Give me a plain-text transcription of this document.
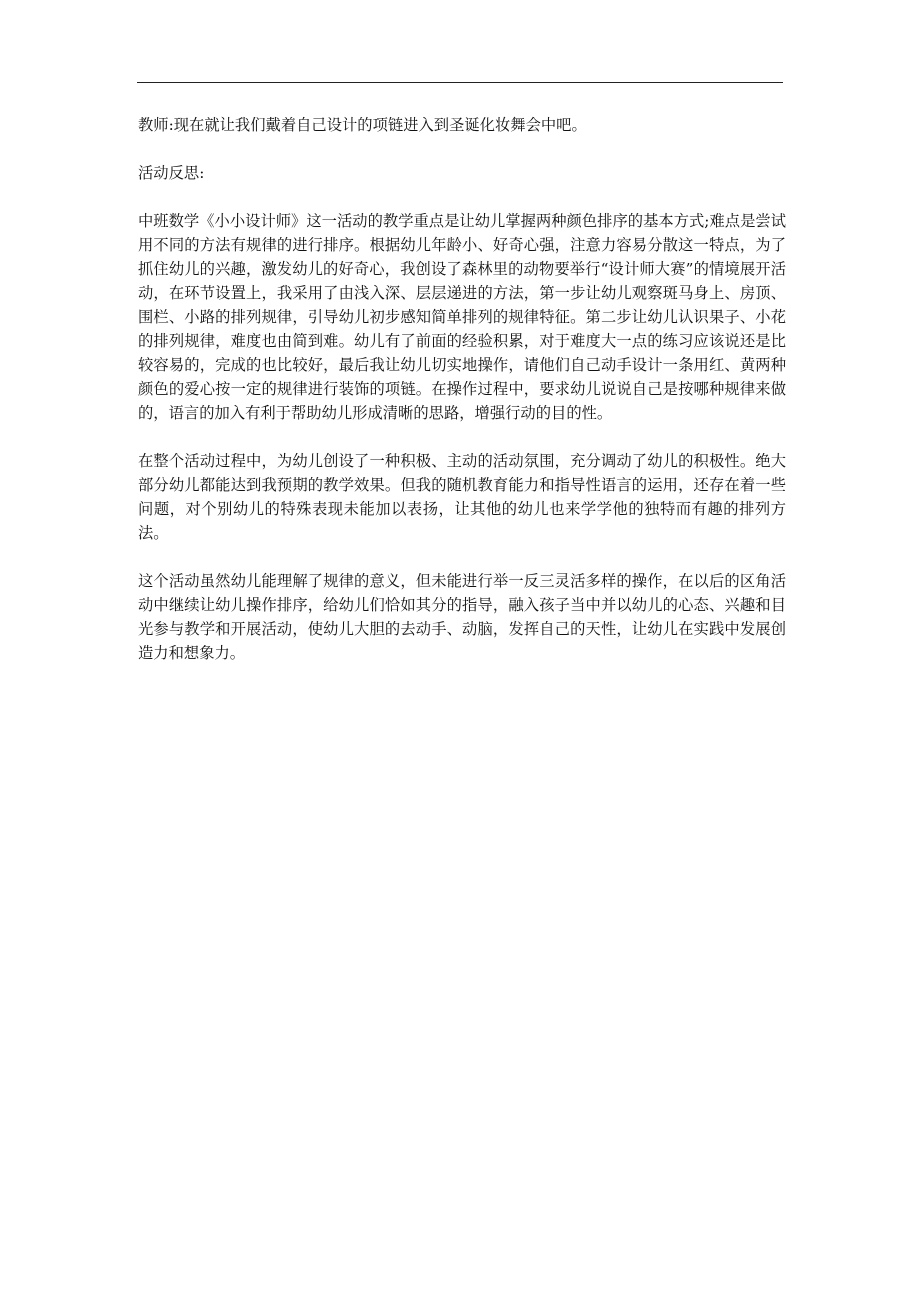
教师:现在就让我们戴着自己设计的项链进入到圣诞化妆舞会中吧。

活动反思:

中班数学《小小设计师》这一活动的教学重点是让幼儿掌握两种颜色排序的基本方式;难点是尝试用不同的方法有规律的进行排序。根据幼儿年龄小、好奇心强，注意力容易分散这一特点，为了抓住幼儿的兴趣，激发幼儿的好奇心，我创设了森林里的动物要举行“设计师大赛”的情境展开活动，在环节设置上，我采用了由浅入深、层层递进的方法，第一步让幼儿观察斑马身上、房顶、围栏、小路的排列规律，引导幼儿初步感知简单排列的规律特征。第二步让幼儿认识果子、小花的排列规律，难度也由简到难。幼儿有了前面的经验积累，对于难度大一点的练习应该说还是比较容易的，完成的也比较好，最后我让幼儿切实地操作，请他们自己动手设计一条用红、黄两种颜色的爱心按一定的规律进行装饰的项链。在操作过程中，要求幼儿说说自己是按哪种规律来做的，语言的加入有利于帮助幼儿形成清晰的思路，增强行动的目的性。

在整个活动过程中，为幼儿创设了一种积极、主动的活动氛围，充分调动了幼儿的积极性。绝大部分幼儿都能达到我预期的教学效果。但我的随机教育能力和指导性语言的运用，还存在着一些问题，对个别幼儿的特殊表现未能加以表扬，让其他的幼儿也来学学他的独特而有趣的排列方法。

这个活动虽然幼儿能理解了规律的意义，但未能进行举一反三灵活多样的操作，在以后的区角活动中继续让幼儿操作排序，给幼儿们恰如其分的指导，融入孩子当中并以幼儿的心态、兴趣和目光参与教学和开展活动，使幼儿大胆的去动手、动脑，发挥自己的天性，让幼儿在实践中发展创造力和想象力。
